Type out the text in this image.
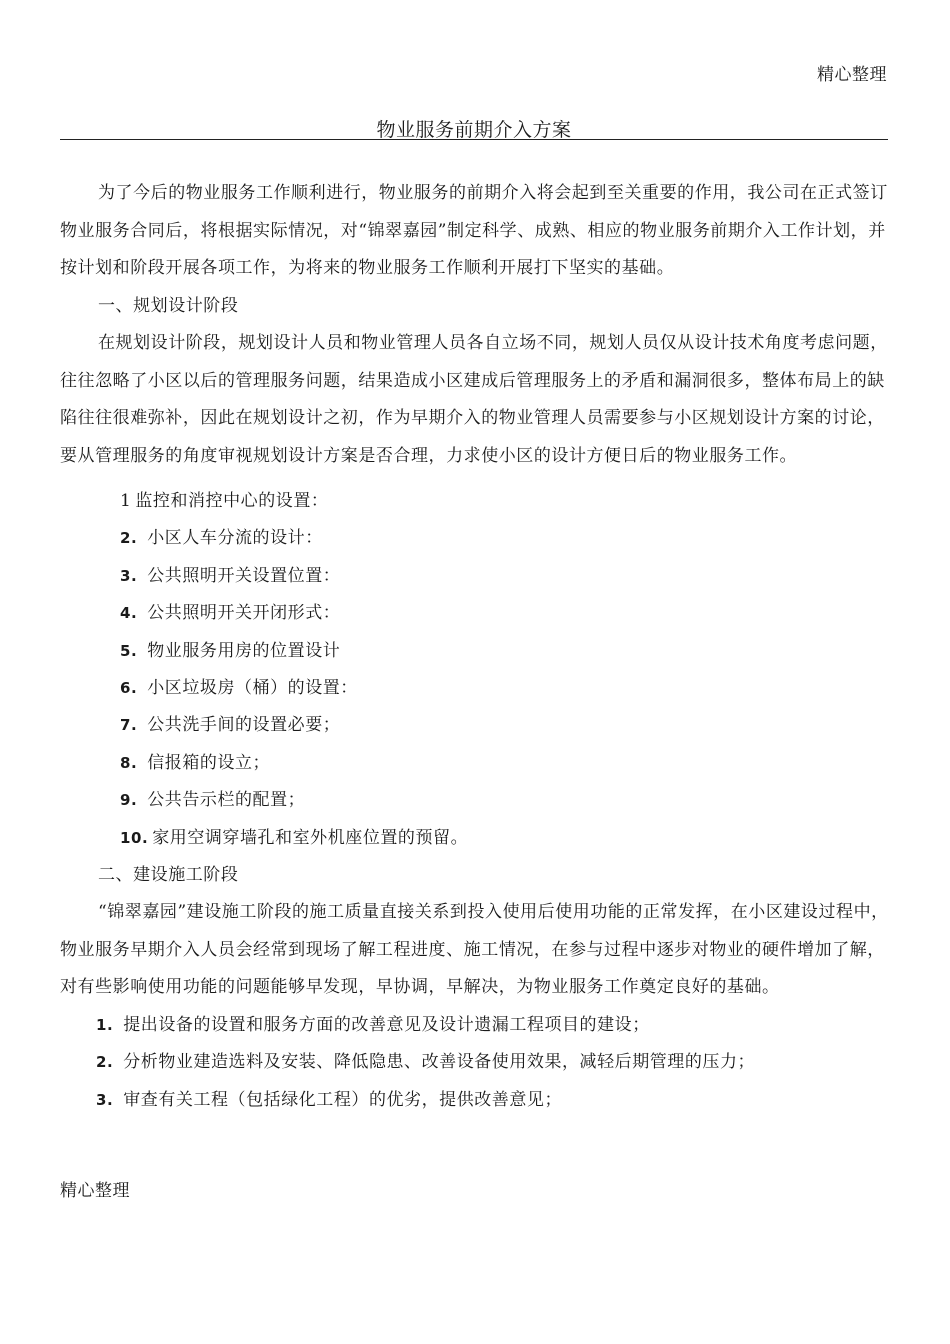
精心整理
物业服务前期介入方案

为了今后的物业服务工作顺利进行，物业服务的前期介入将会起到至关重要的作用，我公司在正式签订物业服务合同后，将根据实际情况，对“锦翠嘉园”制定科学、成熟、相应的物业服务前期介入工作计划，并按计划和阶段开展各项工作，为将来的物业服务工作顺利开展打下坚实的基础。

一、规划设计阶段

在规划设计阶段，规划设计人员和物业管理人员各自立场不同，规划人员仅从设计技术角度考虑问题，往往忽略了小区以后的管理服务问题，结果造成小区建成后管理服务上的矛盾和漏洞很多，整体布局上的缺陷往往很难弥补，因此在规划设计之初，作为早期介入的物业管理人员需要参与小区规划设计方案的讨论，要从管理服务的角度审视规划设计方案是否合理，力求使小区的设计方便日后的物业服务工作。

1 监控和消控中心的设置：
2. 小区人车分流的设计：
3. 公共照明开关设置位置：
4. 公共照明开关开闭形式：
5. 物业服务用房的位置设计
6. 小区垃圾房（桶）的设置：
7. 公共洗手间的设置必要；
8. 信报箱的设立；
9. 公共告示栏的配置；
10. 家用空调穿墙孔和室外机座位置的预留。

二、建设施工阶段

“锦翠嘉园”建设施工阶段的施工质量直接关系到投入使用后使用功能的正常发挥，在小区建设过程中，物业服务早期介入人员会经常到现场了解工程进度、施工情况，在参与过程中逐步对物业的硬件增加了解，对有些影响使用功能的问题能够早发现，早协调，早解决，为物业服务工作奠定良好的基础。

1. 提出设备的设置和服务方面的改善意见及设计遗漏工程项目的建设；
2. 分析物业建造选料及安装、降低隐患、改善设备使用效果，减轻后期管理的压力；
3. 审查有关工程（包括绿化工程）的优劣，提供改善意见；
精心整理
